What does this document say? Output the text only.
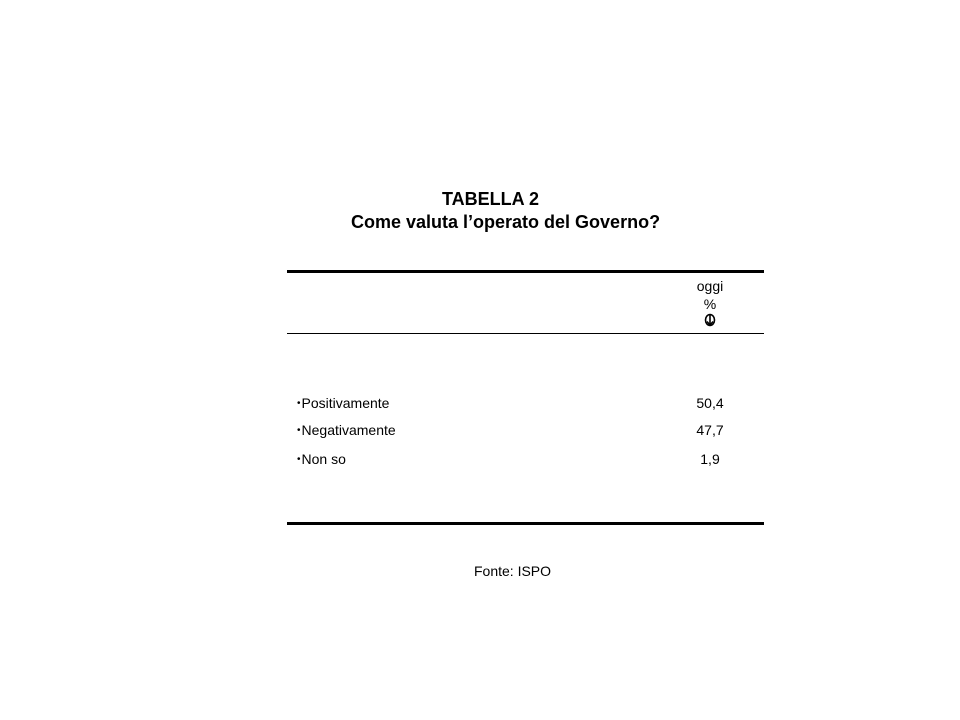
TABELLA 2
Come valuta l’operato del Governo?
oggi
%
•Positivamente	50,4
•Negativamente	47,7
•Non so	1,9
Fonte: ISPO
